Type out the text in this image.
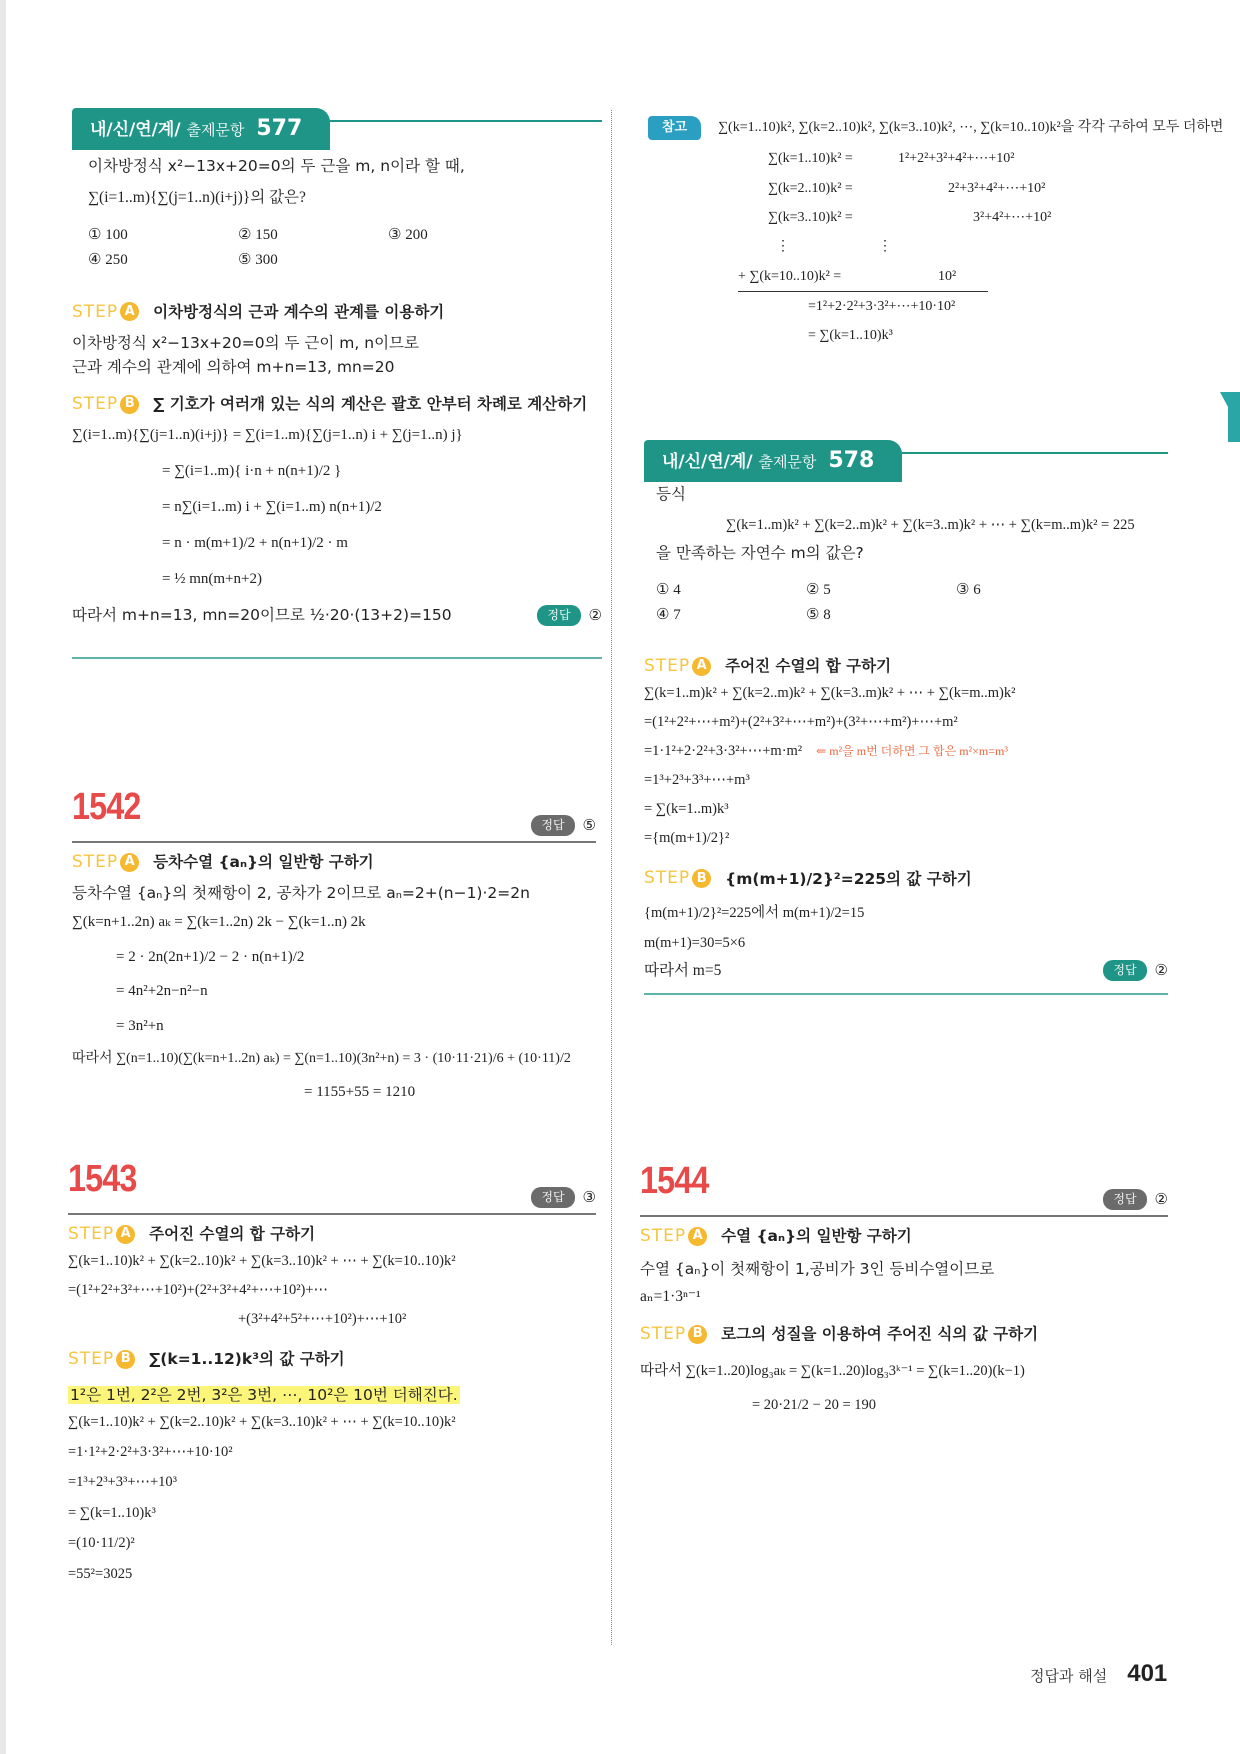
내/신/연/계/ 출제문항 577
이차방정식 x²−13x+20=0의 두 근을 m, n이라 할 때,
∑(i=1..m){∑(j=1..n)(i+j)}의 값은?
① 100	② 150	③ 200
④ 250	⑤ 300
STEP A 이차방정식의 근과 계수의 관계를 이용하기
이차방정식 x²−13x+20=0의 두 근이 m, n이므로
근과 계수의 관계에 의하여 m+n=13, mn=20
STEP B ∑ 기호가 여러개 있는 식의 계산은 괄호 안부터 차례로 계산하기
∑(i=1..m){∑(j=1..n)(i+j)} = ∑(i=1..m){∑(j=1..n) i + ∑(j=1..n) j}
= ∑(i=1..m){ i·n + n(n+1)/2 }
= n∑(i=1..m) i + ∑(i=1..m) n(n+1)/2
= n · m(m+1)/2 + n(n+1)/2 · m
= ½ mn(m+n+2)
따라서 m+n=13, mn=20이므로 ½·20·(13+2)=150	정답	②
1542	정답	⑤
STEP A 등차수열 {aₙ}의 일반항 구하기
등차수열 {aₙ}의 첫째항이 2, 공차가 2이므로 aₙ=2+(n−1)·2=2n
∑(k=n+1..2n) aₖ = ∑(k=1..2n) 2k − ∑(k=1..n) 2k
= 2 · 2n(2n+1)/2 − 2 · n(n+1)/2
= 4n²+2n−n²−n
= 3n²+n
따라서 ∑(n=1..10)(∑(k=n+1..2n) aₖ) = ∑(n=1..10)(3n²+n) = 3 · (10·11·21)/6 + (10·11)/2
= 1155+55 = 1210
1543	정답	③
STEP A 주어진 수열의 합 구하기
∑(k=1..10)k² + ∑(k=2..10)k² + ∑(k=3..10)k² + ⋯ + ∑(k=10..10)k²
=(1²+2²+3²+⋯+10²)+(2²+3²+4²+⋯+10²)+⋯
+(3²+4²+5²+⋯+10²)+⋯+10²
STEP B ∑(k=1..12)k³의 값 구하기
1²은 1번, 2²은 2번, 3²은 3번, ⋯, 10²은 10번 더해진다.
∑(k=1..10)k² + ∑(k=2..10)k² + ∑(k=3..10)k² + ⋯ + ∑(k=10..10)k²
=1·1²+2·2²+3·3²+⋯+10·10²
=1³+2³+3³+⋯+10³
= ∑(k=1..10)k³
=(10·11/2)²
=55²=3025
참고 ∑(k=1..10)k², ∑(k=2..10)k², ∑(k=3..10)k², ⋯, ∑(k=10..10)k²을 각각 구하여 모두 더하면
∑(k=1..10)k² =	1²+2²+3²+4²+⋯+10²
∑(k=2..10)k² =	2²+3²+4²+⋯+10²
∑(k=3..10)k² =	3²+4²+⋯+10²
⋮	⋮
+ ∑(k=10..10)k² =	10²
=1²+2·2²+3·3²+⋯+10·10²
= ∑(k=1..10)k³
내/신/연/계/ 출제문항 578
등식
∑(k=1..m)k² + ∑(k=2..m)k² + ∑(k=3..m)k² + ⋯ + ∑(k=m..m)k² = 225
을 만족하는 자연수 m의 값은?
① 4	② 5	③ 6
④ 7	⑤ 8
STEP A 주어진 수열의 합 구하기
∑(k=1..m)k² + ∑(k=2..m)k² + ∑(k=3..m)k² + ⋯ + ∑(k=m..m)k²
=(1²+2²+⋯+m²)+(2²+3²+⋯+m²)+(3²+⋯+m²)+⋯+m²
=1·1²+2·2²+3·3²+⋯+m·m² ⇐ m²을 m번 더하면 그 합은 m²×m=m³
=1³+2³+3³+⋯+m³
= ∑(k=1..m)k³
={m(m+1)/2}²
STEP B {m(m+1)/2}²=225의 값 구하기
{m(m+1)/2}²=225에서 m(m+1)/2=15
m(m+1)=30=5×6
따라서 m=5	정답	②
1544	정답	②
STEP A 수열 {aₙ}의 일반항 구하기
수열 {aₙ}이 첫째항이 1,공비가 3인 등비수열이므로
aₙ=1·3ⁿ⁻¹
STEP B 로그의 성질을 이용하여 주어진 식의 값 구하기
따라서 ∑(k=1..20)log₃aₖ = ∑(k=1..20)log₃3ᵏ⁻¹ = ∑(k=1..20)(k−1)
= 20·21/2 − 20 = 190
정답과 해설 401
